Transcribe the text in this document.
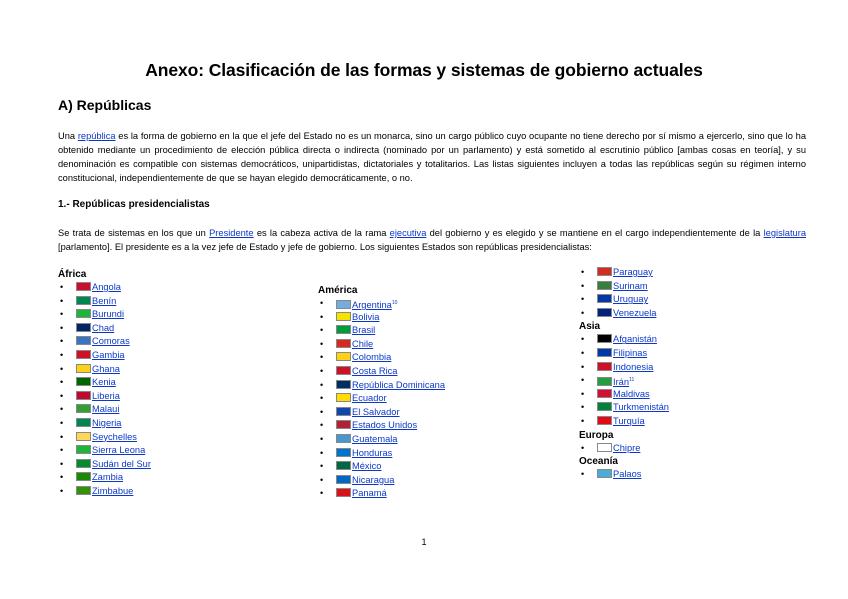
Anexo: Clasificación de las formas y sistemas de gobierno actuales
A) Repúblicas

Una república es la forma de gobierno en la que el jefe del Estado no es un monarca, sino un cargo público cuyo ocupante no tiene derecho por sí mismo a ejercerlo, sino que lo ha obtenido mediante un procedimiento de elección pública directa o indirecta (nominado por un parlamento) y está sometido al escrutinio público [ambas cosas en teoría], y su denominación es compatible con sistemas democráticos, unipartidistas, dictatoriales y totalitarios. Las listas siguientes incluyen a todas las repúblicas según su régimen interno constitucional, independientemente de que se hayan elegido democráticamente, o no.

1.- Repúblicas presidencialistas

Se trata de sistemas en los que un Presidente es la cabeza activa de la rama ejecutiva del gobierno y es elegido y se mantiene en el cargo independientemente de la legislatura [parlamento]. El presidente es a la vez jefe de Estado y jefe de gobierno. Los siguientes Estados son repúblicas presidencialistas:

África
•	Angola
•	Benín
•	Burundi
•	Chad
•	Comoras
•	Gambia
•	Ghana
•	Kenia
•	Liberia
•	Malaui
•	Nigeria
•	Seychelles
•	Sierra Leona
•	Sudán del Sur
•	Zambia
•	Zimbabue
América
•	Argentina$^{10}$
•	Bolivia
•	Brasil
•	Chile
•	Colombia
•	Costa Rica
•	República Dominicana
•	Ecuador
•	El Salvador
•	Estados Unidos
•	Guatemala
•	Honduras
•	México
•	Nicaragua
•	Panamá
•	Paraguay
•	Surinam
•	Uruguay
•	Venezuela
Asia
•	Afganistán
•	Filipinas
•	Indonesia
•	Irán$^{11}$
•	Maldivas
•	Turkmenistán
•	Turquía
Europa
•	Chipre
Oceanía
•	Palaos
1
